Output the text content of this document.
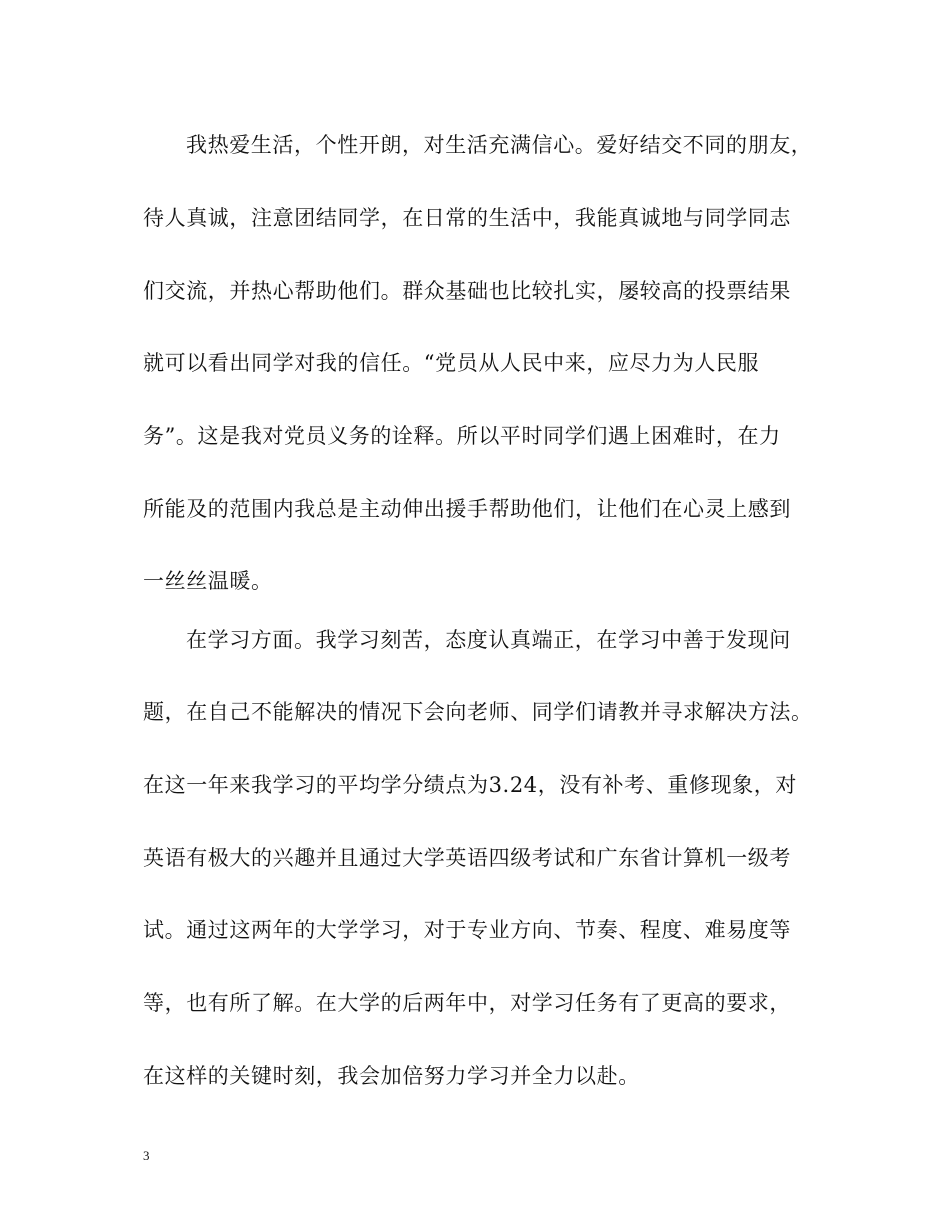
我热爱生活，个性开朗，对生活充满信心。爱好结交不同的朋友，
待人真诚，注意团结同学，在日常的生活中，我能真诚地与同学同志
们交流，并热心帮助他们。群众基础也比较扎实，屡较高的投票结果
就可以看出同学对我的信任。“党员从人民中来，应尽力为人民服
务”。这是我对党员义务的诠释。所以平时同学们遇上困难时，在力
所能及的范围内我总是主动伸出援手帮助他们，让他们在心灵上感到
一丝丝温暖。
在学习方面。我学习刻苦，态度认真端正，在学习中善于发现问
题，在自己不能解决的情况下会向老师、同学们请教并寻求解决方法。
在这一年来我学习的平均学分绩点为3.24，没有补考、重修现象，对
英语有极大的兴趣并且通过大学英语四级考试和广东省计算机一级考
试。通过这两年的大学学习，对于专业方向、节奏、程度、难易度等
等，也有所了解。在大学的后两年中，对学习任务有了更高的要求，
在这样的关键时刻，我会加倍努力学习并全力以赴。
3
